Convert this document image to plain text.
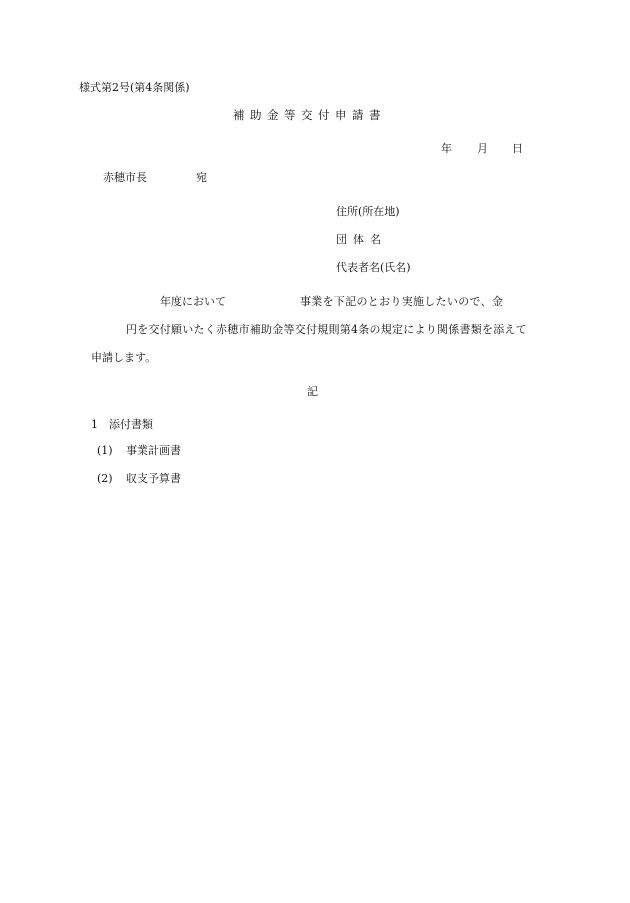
様式第2号(第4条関係)
補助金等交付申請書
年 月 日
赤穂市長	宛
住所(所在地)
団体名
代表者名(氏名)
年度において	事業を下記のとおり実施したいので、金
円を交付願いたく赤穂市補助金等交付規則第4条の規定により関係書類を添えて
申請します。
記
1 添付書類
(1) 事業計画書
(2) 収支予算書
